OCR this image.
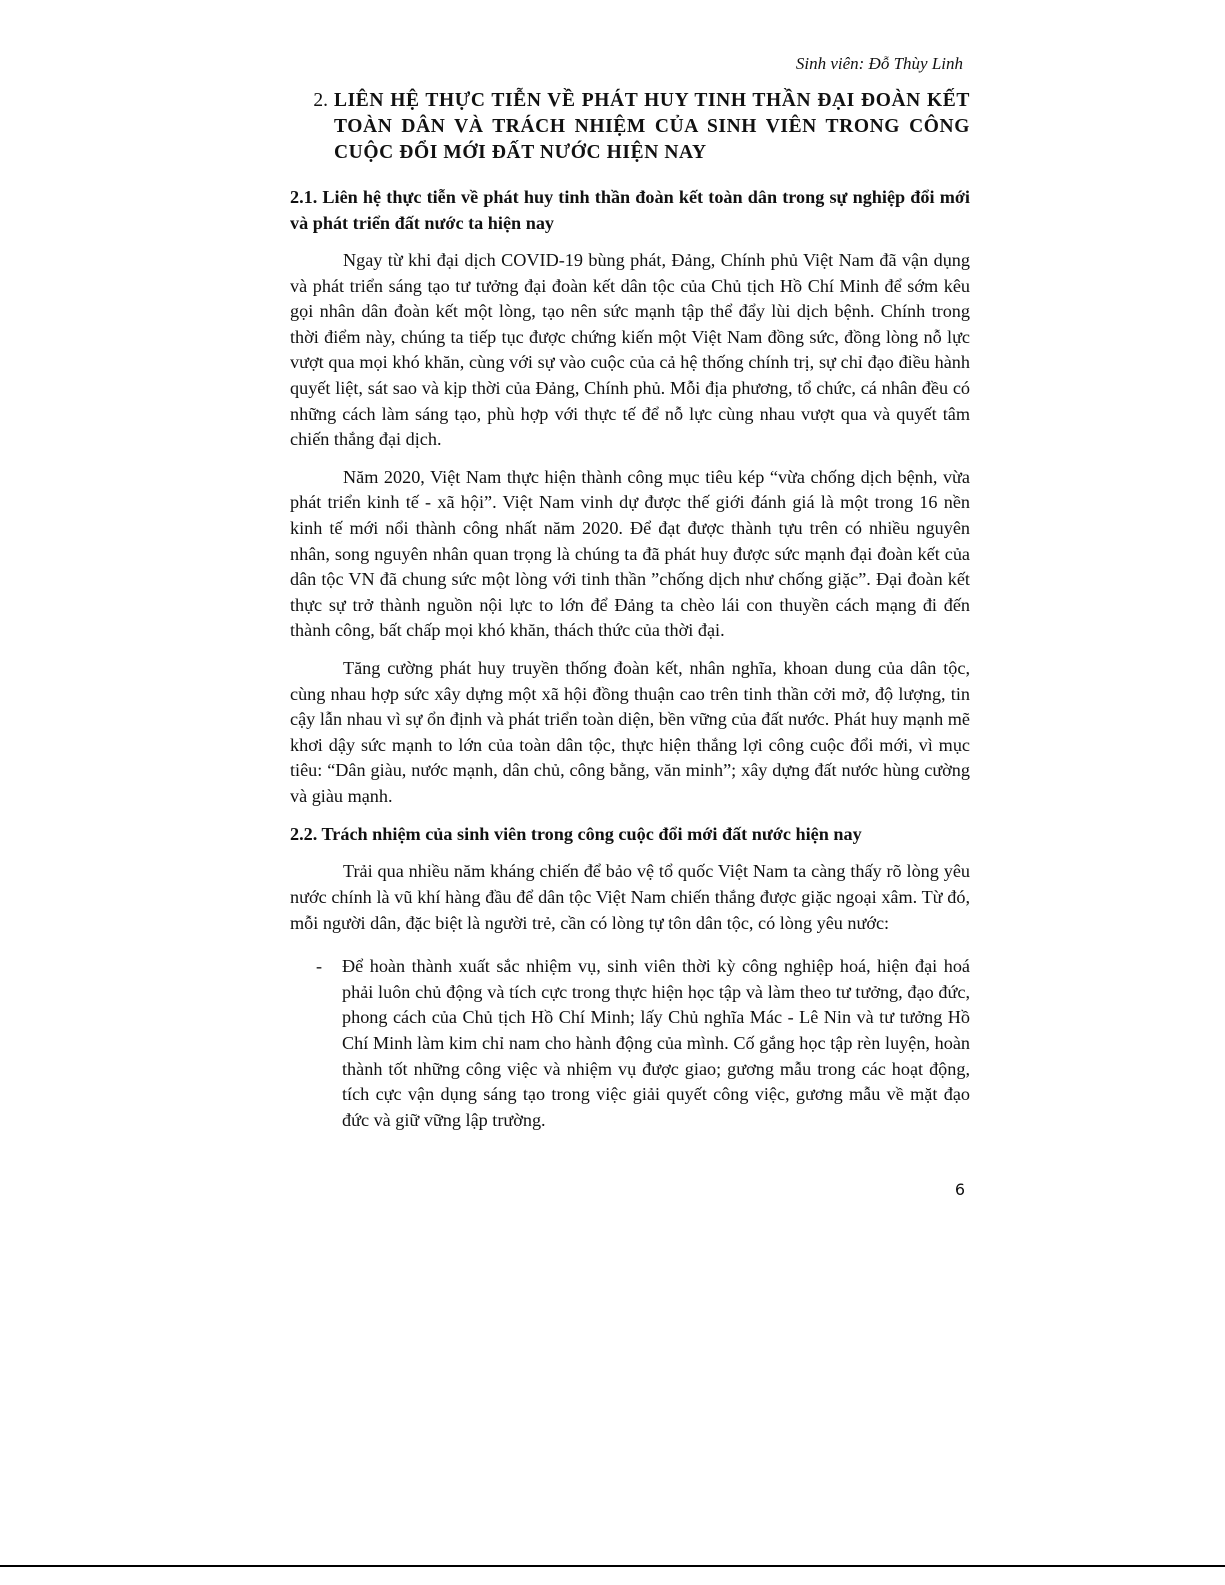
Sinh viên: Đỗ Thùy Linh
2. LIÊN HỆ THỰC TIỄN VỀ PHÁT HUY TINH THẦN ĐẠI ĐOÀN KẾT TOÀN DÂN VÀ TRÁCH NHIỆM CỦA SINH VIÊN TRONG CÔNG CUỘC ĐỔI MỚI ĐẤT NƯỚC HIỆN NAY
2.1. Liên hệ thực tiễn về phát huy tinh thần đoàn kết toàn dân trong sự nghiệp đổi mới và phát triển đất nước ta hiện nay

Ngay từ khi đại dịch COVID-19 bùng phát, Đảng, Chính phủ Việt Nam đã vận dụng và phát triển sáng tạo tư tưởng đại đoàn kết dân tộc của Chủ tịch Hồ Chí Minh để sớm kêu gọi nhân dân đoàn kết một lòng, tạo nên sức mạnh tập thể đẩy lùi dịch bệnh. Chính trong thời điểm này, chúng ta tiếp tục được chứng kiến một Việt Nam đồng sức, đồng lòng nỗ lực vượt qua mọi khó khăn, cùng với sự vào cuộc của cả hệ thống chính trị, sự chỉ đạo điều hành quyết liệt, sát sao và kịp thời của Đảng, Chính phủ. Mỗi địa phương, tổ chức, cá nhân đều có những cách làm sáng tạo, phù hợp với thực tế để nỗ lực cùng nhau vượt qua và quyết tâm chiến thắng đại dịch.

Năm 2020, Việt Nam thực hiện thành công mục tiêu kép “vừa chống dịch bệnh, vừa phát triển kinh tế - xã hội”. Việt Nam vinh dự được thế giới đánh giá là một trong 16 nền kinh tế mới nổi thành công nhất năm 2020. Để đạt được thành tựu trên có nhiều nguyên nhân, song nguyên nhân quan trọng là chúng ta đã phát huy được sức mạnh đại đoàn kết của dân tộc VN đã chung sức một lòng với tinh thần ”chống dịch như chống giặc”. Đại đoàn kết thực sự trở thành nguồn nội lực to lớn để Đảng ta chèo lái con thuyền cách mạng đi đến thành công, bất chấp mọi khó khăn, thách thức của thời đại.

Tăng cường phát huy truyền thống đoàn kết, nhân nghĩa, khoan dung của dân tộc, cùng nhau hợp sức xây dựng một xã hội đồng thuận cao trên tinh thần cởi mở, độ lượng, tin cậy lẫn nhau vì sự ổn định và phát triển toàn diện, bền vững của đất nước. Phát huy mạnh mẽ khơi dậy sức mạnh to lớn của toàn dân tộc, thực hiện thắng lợi công cuộc đổi mới, vì mục tiêu: “Dân giàu, nước mạnh, dân chủ, công bằng, văn minh”; xây dựng đất nước hùng cường và giàu mạnh.

2.2. Trách nhiệm của sinh viên trong công cuộc đổi mới đất nước hiện nay

Trải qua nhiều năm kháng chiến để bảo vệ tổ quốc Việt Nam ta càng thấy rõ lòng yêu nước chính là vũ khí hàng đầu để dân tộc Việt Nam chiến thắng được giặc ngoại xâm. Từ đó, mỗi người dân, đặc biệt là người trẻ, cần có lòng tự tôn dân tộc, có lòng yêu nước:

-	Để hoàn thành xuất sắc nhiệm vụ, sinh viên thời kỳ công nghiệp hoá, hiện đại hoá phải luôn chủ động và tích cực trong thực hiện học tập và làm theo tư tưởng, đạo đức, phong cách của Chủ tịch Hồ Chí Minh; lấy Chủ nghĩa Mác - Lê Nin và tư tưởng Hồ Chí Minh làm kim chỉ nam cho hành động của mình. Cố gắng học tập rèn luyện, hoàn thành tốt những công việc và nhiệm vụ được giao; gương mẫu trong các hoạt động, tích cực vận dụng sáng tạo trong việc giải quyết công việc, gương mẫu về mặt đạo đức và giữ vững lập trường.
6
